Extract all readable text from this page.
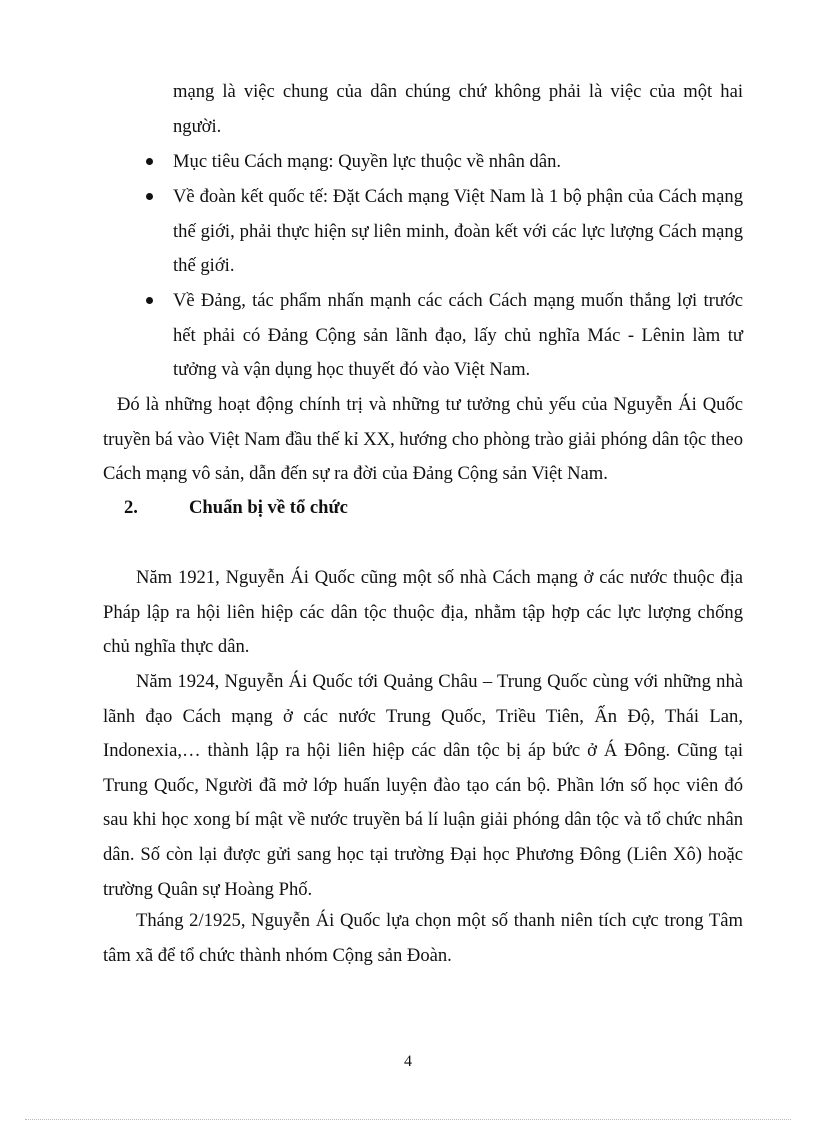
mạng là việc chung của dân chúng chứ không phải là việc của một hai người.
Mục tiêu Cách mạng: Quyền lực thuộc về nhân dân.
Về đoàn kết quốc tế: Đặt Cách mạng Việt Nam là 1 bộ phận của Cách mạng thế giới, phải thực hiện sự liên minh, đoàn kết với các lực lượng Cách mạng thế giới.
Về Đảng, tác phẩm nhấn mạnh các cách Cách mạng muốn thắng lợi trước hết phải có Đảng Cộng sản lãnh đạo, lấy chủ nghĩa Mác - Lênin làm tư tưởng và vận dụng học thuyết đó vào Việt Nam.
Đó là những hoạt động chính trị và những tư tưởng chủ yếu của Nguyễn Ái Quốc truyền bá vào Việt Nam đầu thế kỉ XX, hướng cho phòng trào giải phóng dân tộc theo Cách mạng vô sản, dẫn đến sự ra đời của Đảng Cộng sản Việt Nam.
2.	Chuẩn bị về tổ chức
Năm 1921, Nguyễn Ái Quốc cũng một số nhà Cách mạng ở các nước thuộc địa Pháp lập ra hội liên hiệp các dân tộc thuộc địa, nhằm tập hợp các lực lượng chống chủ nghĩa thực dân.
Năm 1924, Nguyễn Ái Quốc tới Quảng Châu – Trung Quốc cùng với những nhà lãnh đạo Cách mạng ở các nước Trung Quốc, Triều Tiên, Ấn Độ, Thái Lan, Indonexia,… thành lập ra hội liên hiệp các dân tộc bị áp bức ở Á Đông. Cũng tại Trung Quốc, Người đã mở lớp huấn luyện đào tạo cán bộ. Phần lớn số học viên đó sau khi học xong bí mật về nước truyền bá lí luận giải phóng dân tộc và tổ chức nhân dân. Số còn lại được gửi sang học tại trường Đại học Phương Đông (Liên Xô) hoặc trường Quân sự Hoàng Phố.
Tháng 2/1925, Nguyễn Ái Quốc lựa chọn một số thanh niên tích cực trong Tâm tâm xã để tổ chức thành nhóm Cộng sản Đoàn.
4
